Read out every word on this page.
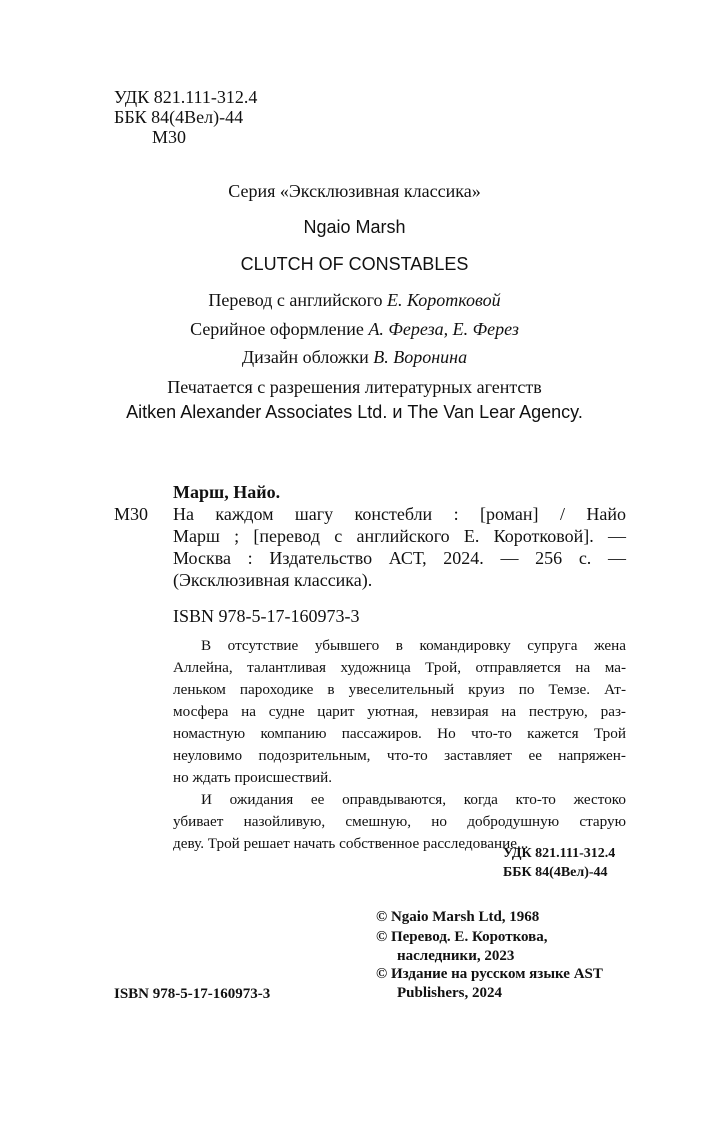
УДК 821.111-312.4
ББК 84(4Вел)-44
М30
Серия «Эксклюзивная классика»
Ngaio Marsh
CLUTCH OF CONSTABLES
Перевод с английского Е. Коротковой
Серийное оформление А. Фереза, Е. Ферез
Дизайн обложки В. Воронина
Печатается с разрешения литературных агентств
Aitken Alexander Associates Ltd. и The Van Lear Agency.
Марш, Найо.
М30 На каждом шагу констебли : [роман] / Найо
Марш ; [перевод с английского Е. Коротковой]. —
Москва : Издательство АСТ, 2024. — 256 с. —
(Эксклюзивная классика).
ISBN 978-5-17-160973-3
В отсутствие убывшего в командировку супруга жена
Аллейна, талантливая художница Трой, отправляется на ма-
леньком пароходике в увеселительный круиз по Темзе. Ат-
мосфера на судне царит уютная, невзирая на пеструю, раз-
номастную компанию пассажиров. Но что-то кажется Трой
неуловимо подозрительным, что-то заставляет ее напряжен-
но ждать происшествий.
И ожидания ее оправдываются, когда кто-то жестоко
убивает назойливую, смешную, но добродушную старую
деву. Трой решает начать собственное расследование...
УДК 821.111-312.4
ББК 84(4Вел)-44
© Ngaio Marsh Ltd, 1968
© Перевод. Е. Короткова,
наследники, 2023
© Издание на русском языке AST
Publishers, 2024
ISBN 978-5-17-160973-3
